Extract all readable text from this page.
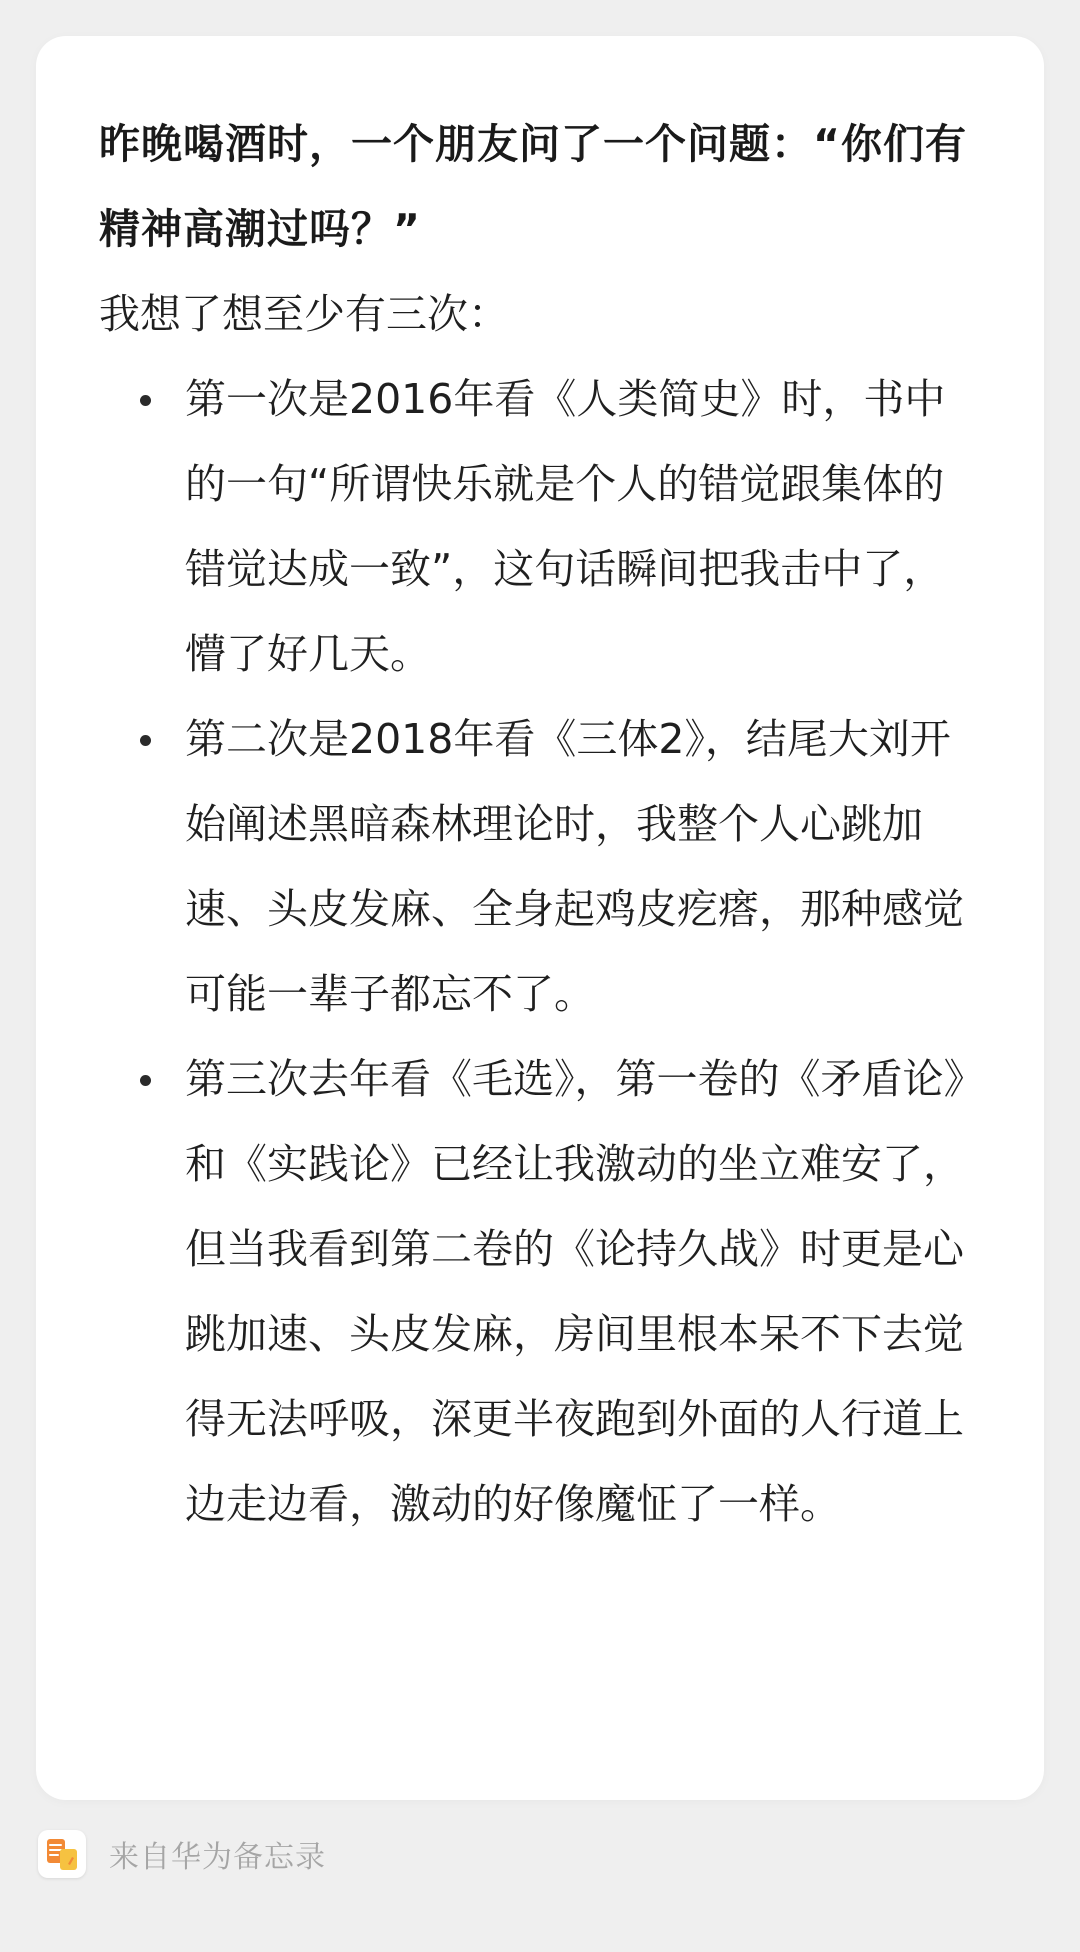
昨晚喝酒时，一个朋友问了一个问题：“你们有精神高潮过吗？”

我想了想至少有三次：

第一次是2016年看《人类简史》时，书中的一句“所谓快乐就是个人的错觉跟集体的错觉达成一致”，这句话瞬间把我击中了，懵了好几天。
第二次是2018年看《三体2》，结尾大刘开始阐述黑暗森林理论时，我整个人心跳加速、头皮发麻、全身起鸡皮疙瘩，那种感觉可能一辈子都忘不了。
第三次去年看《毛选》，第一卷的《矛盾论》和《实践论》已经让我激动的坐立难安了，但当我看到第二卷的《论持久战》时更是心跳加速、头皮发麻，房间里根本呆不下去觉得无法呼吸，深更半夜跑到外面的人行道上边走边看，激动的好像魔怔了一样。
来自华为备忘录
